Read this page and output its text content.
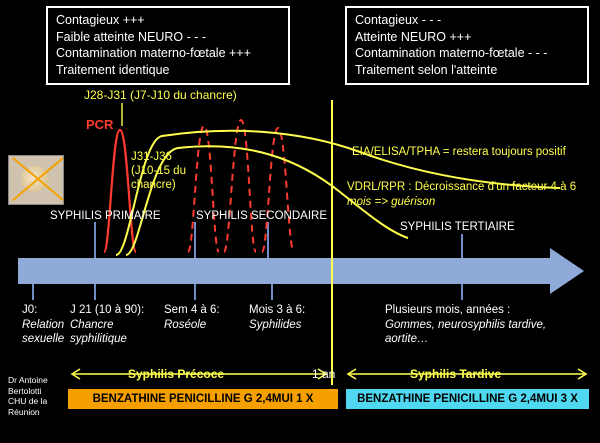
Contagieux +++
Faible atteinte NEURO - - -
Contamination materno-fœtale +++
Traitement identique
Contagieux - - -
Atteinte NEURO +++
Contamination materno-fœtale - - -
Traitement selon l'atteinte
J28-J31 (J7-J10 du chancre)
PCR
J31-J36
(J10-15 du
chancre)
EIA/ELISA/TPHA = restera toujours positif
VDRL/RPR : Décroissance d'un facteur 4 à 6
mois => guérison
SYPHILIS PRIMAIRE	SYPHILIS SECONDAIRE
SYPHILIS TERTIAIRE
J0:
Relation
sexuelle
J 21 (10 à 90):
Chancre
syphilitique
Sem 4 à 6:
Roséole
Mois 3 à 6:
Syphilides
Plusieurs mois, années :
Gommes, neurosyphilis tardive,
aortite…
Syphilis Précoce	Syphilis Tardive
1 an
BENZATHINE PENICILLINE G 2,4MUI 1 X	BENZATHINE PENICILLINE G 2,4MUI 3 X
Dr Antoine
Bertolotti
CHU de la
Réunion
